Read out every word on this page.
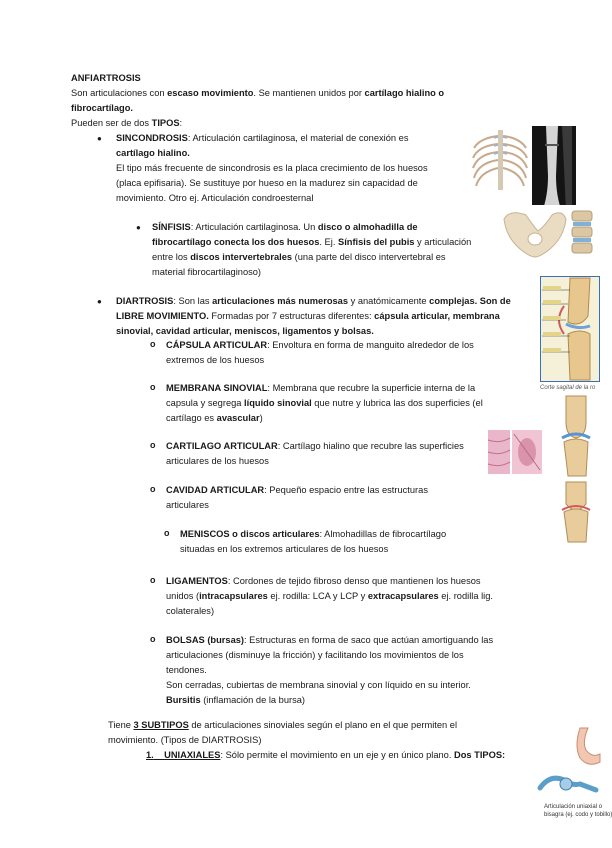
ANFIARTROSIS
Son articulaciones con escaso movimiento. Se mantienen unidos por cartílago hialino o
fibrocartílago.
Pueden ser de dos TIPOS:
● SINCONDROSIS: Articulación cartilaginosa, el material de conexión es
cartílago hialino.
El tipo más frecuente de sincondrosis es la placa crecimiento de los huesos
(placa epifisaria). Se sustituye por hueso en la madurez sin capacidad de
movimiento. Otro ej. Articulación condroesternal
● SÍNFISIS: Articulación cartilaginosa. Un disco o almohadilla de
fibrocartílago conecta los dos huesos. Ej. Sínfisis del pubis y articulación
entre los discos intervertebrales (una parte del disco intervertebral es
material fibrocartilaginoso)
● DIARTROSIS: Son las articulaciones más numerosas y anatómicamente complejas. Son de
LIBRE MOVIMIENTO. Formadas por 7 estructuras diferentes: cápsula articular, membrana
sinovial, cavidad articular, meniscos, ligamentos y bolsas.
o CÁPSULA ARTICULAR: Envoltura en forma de manguito alrededor de los
extremos de los huesos
o MEMBRANA SINOVIAL: Membrana que recubre la superficie interna de la
capsula y segrega líquido sinovial que nutre y lubrica las dos superficies (el
cartílago es avascular)
o CARTILAGO ARTICULAR: Cartílago hialino que recubre las superficies
articulares de los huesos
o CAVIDAD ARTICULAR: Pequeño espacio entre las estructuras
articulares
o MENISCOS o discos articulares: Almohadillas de fibrocartílago
situadas en los extremos articulares de los huesos
o LIGAMENTOS: Cordones de tejido fibroso denso que mantienen los huesos
unidos (intracapsulares ej. rodilla: LCA y LCP y extracapsulares ej. rodilla lig.
colaterales)
o BOLSAS (bursas): Estructuras en forma de saco que actúan amortiguando las
articulaciones (disminuye la fricción) y facilitando los movimientos de los
tendones.
Son cerradas, cubiertas de membrana sinovial y con líquido en su interior.
Bursitis (inflamación de la bursa)
Tiene 3 SUBTIPOS de articulaciones sinoviales según el plano en el que permiten el
movimiento. (Tipos de DIARTROSIS)
1. UNIAXIALES: Sólo permite el movimiento en un eje y en único plano. Dos TIPOS:
Corte sagital de la ro
Articulación uniaxial o
bisagra (ej. codo y tobillo)
